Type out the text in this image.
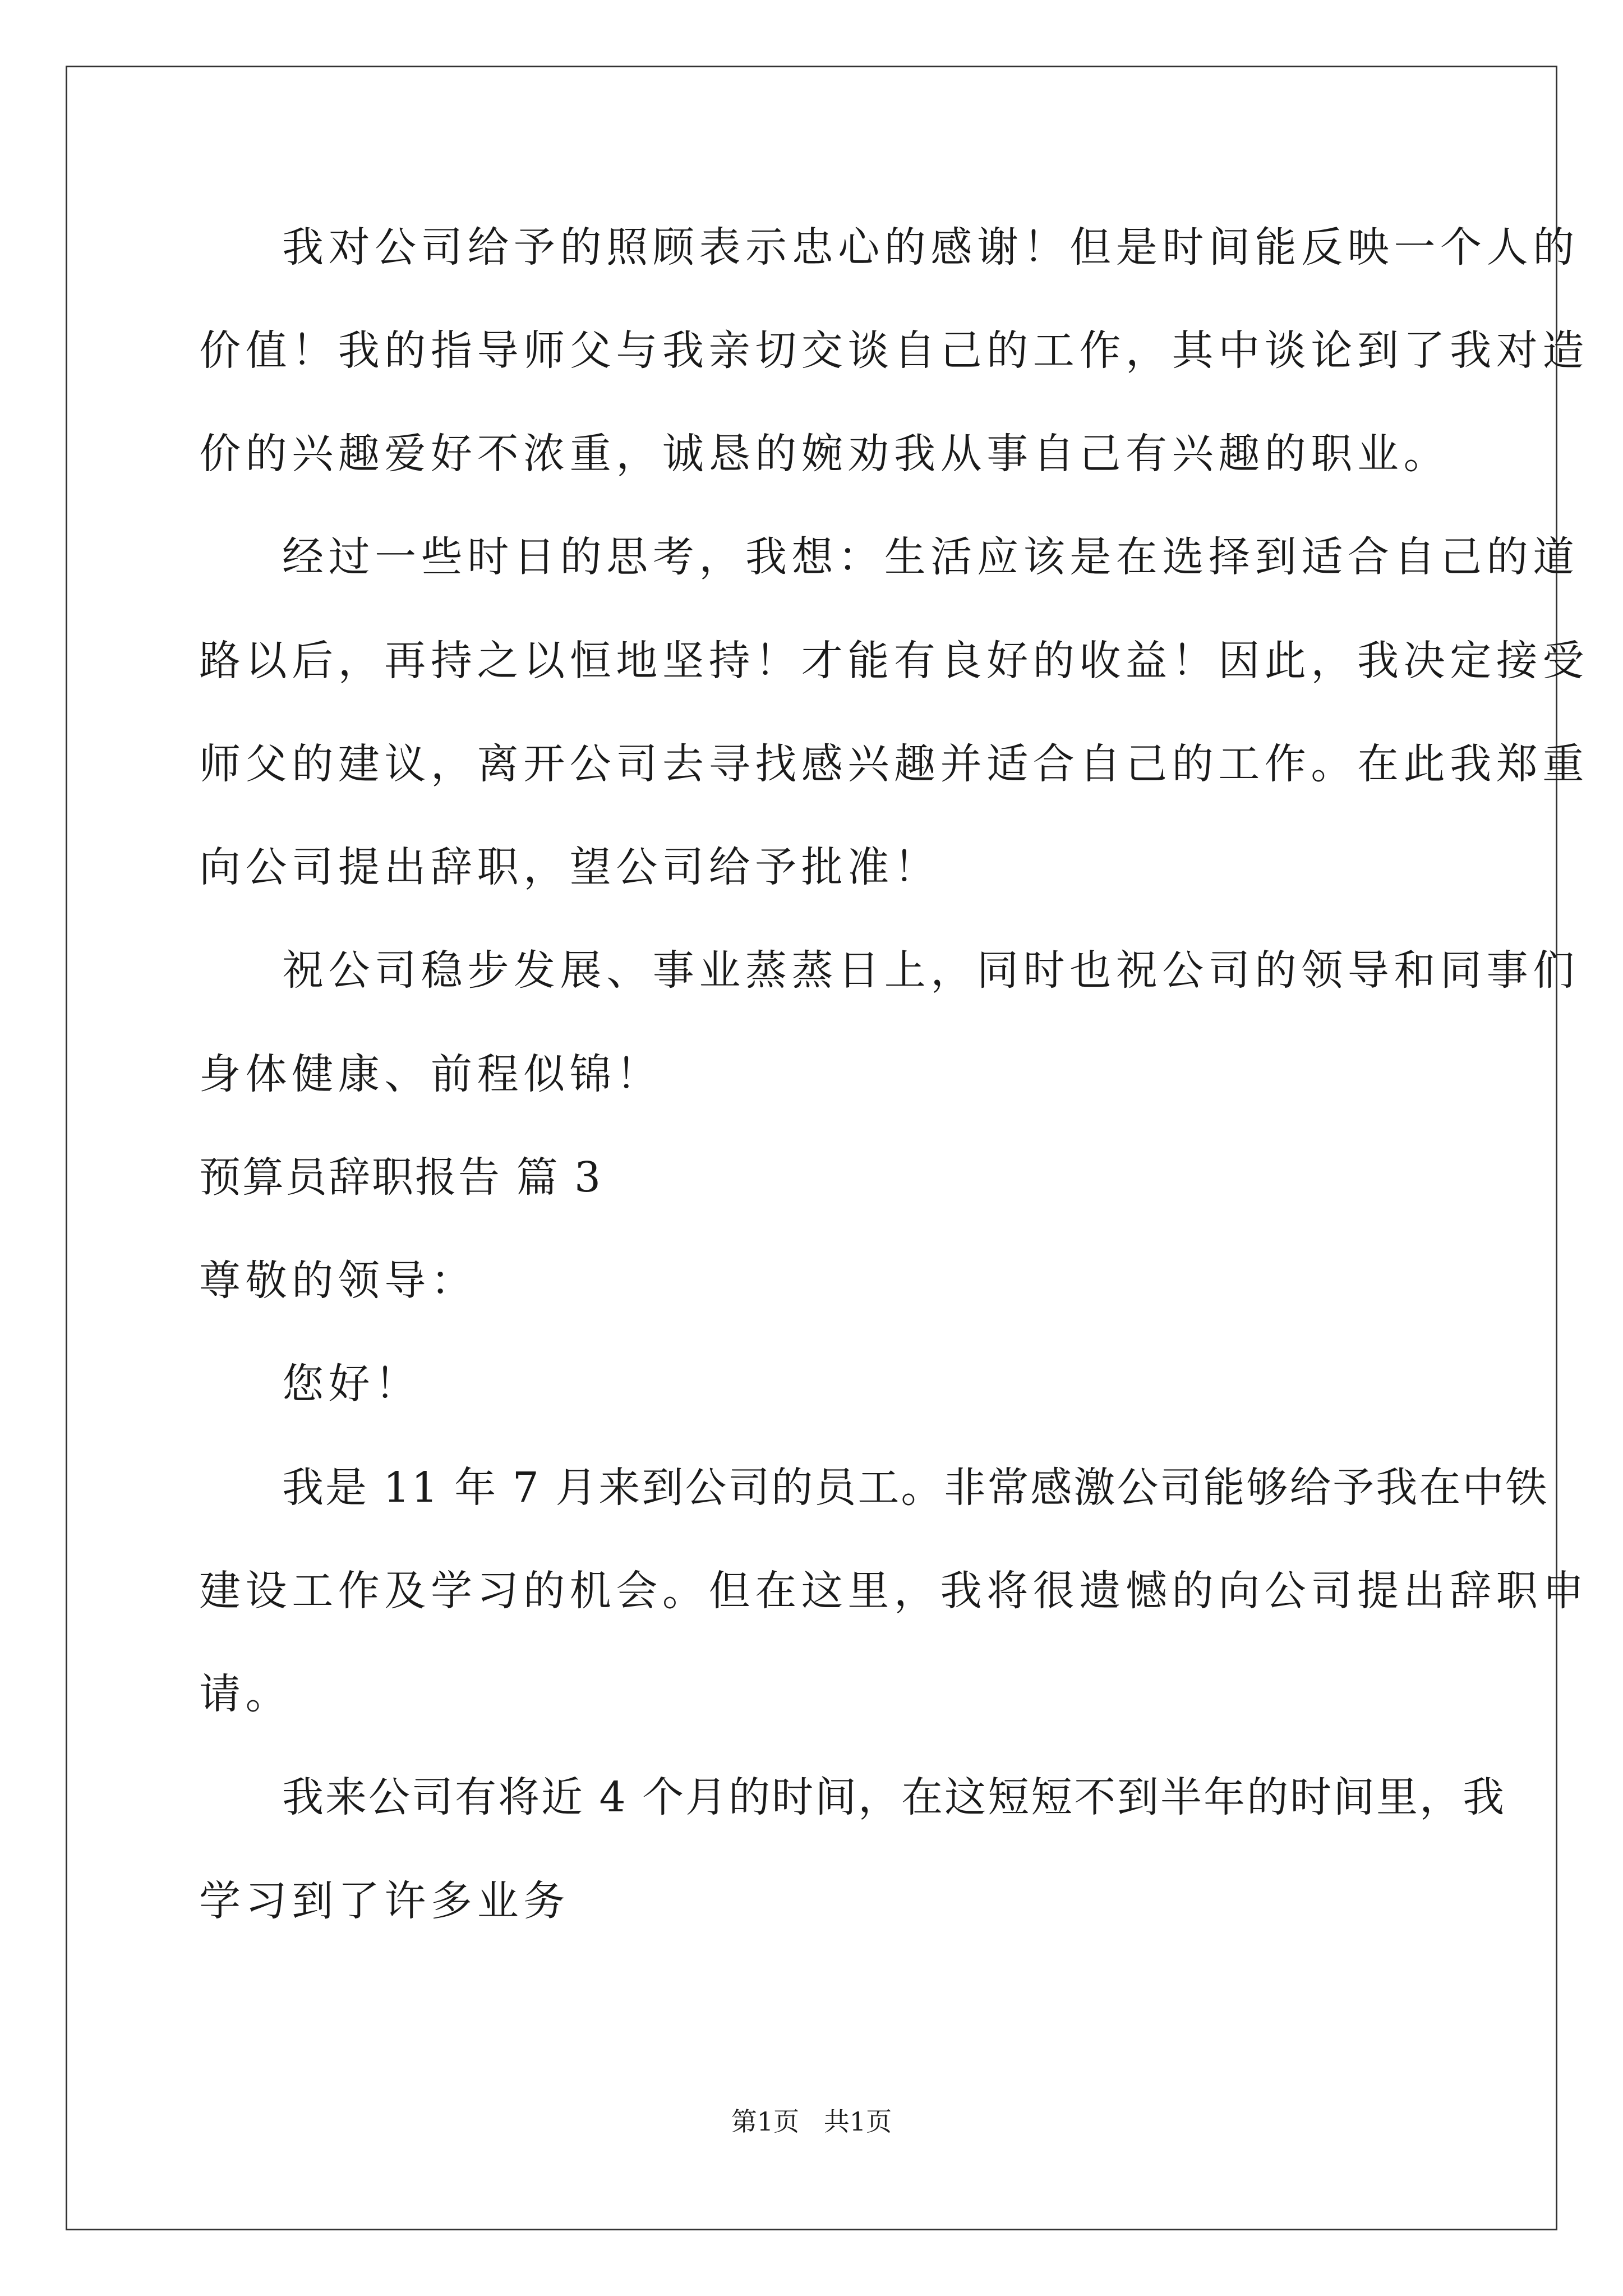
我对公司给予的照顾表示忠心的感谢！但是时间能反映一个人的
价值！我的指导师父与我亲切交谈自己的工作，其中谈论到了我对造
价的兴趣爱好不浓重，诚恳的婉劝我从事自己有兴趣的职业。
经过一些时日的思考，我想：生活应该是在选择到适合自己的道
路以后，再持之以恒地坚持！才能有良好的收益！因此，我决定接受
师父的建议，离开公司去寻找感兴趣并适合自己的工作。在此我郑重
向公司提出辞职，望公司给予批准！
祝公司稳步发展、事业蒸蒸日上，同时也祝公司的领导和同事们
身体健康、前程似锦！
预算员辞职报告 篇 3
尊敬的领导：
您好！
我是 11 年 7 月来到公司的员工。非常感激公司能够给予我在中铁
建设工作及学习的机会。但在这里，我将很遗憾的向公司提出辞职申
请。
我来公司有将近 4 个月的时间，在这短短不到半年的时间里，我
学习到了许多业务
第1页   共1页
